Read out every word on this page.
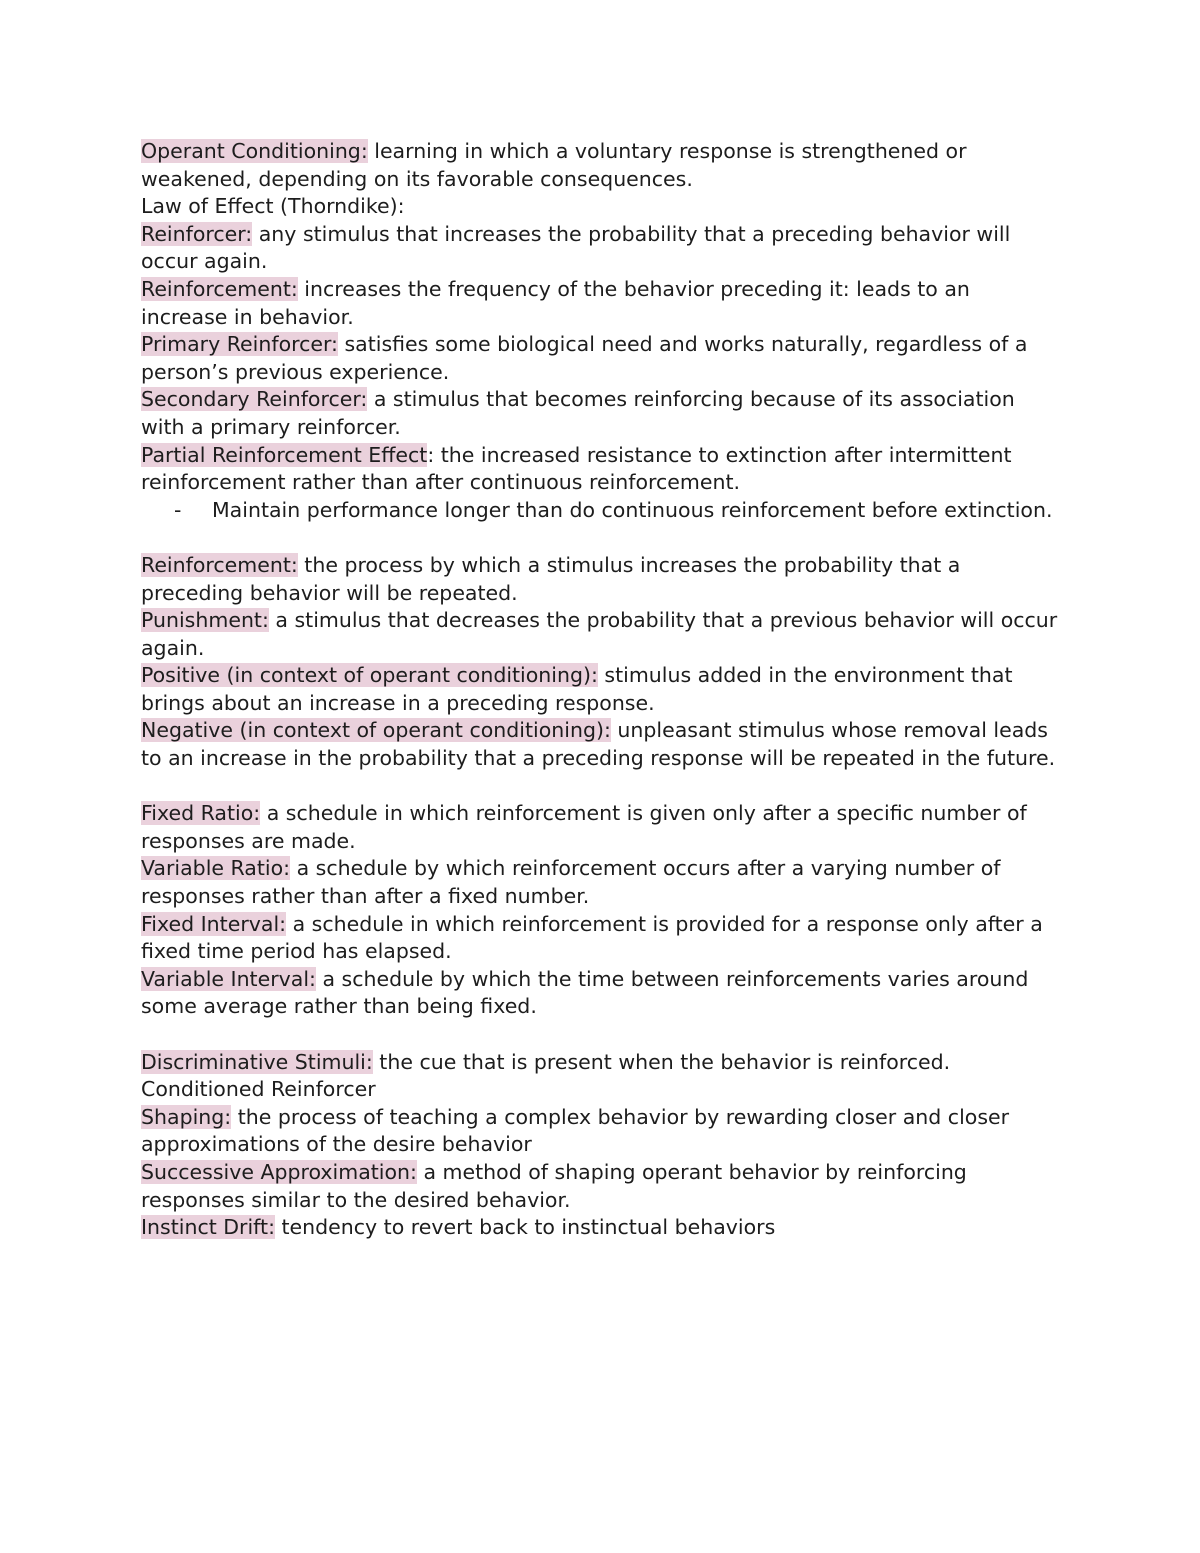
Operant Conditioning: learning in which a voluntary response is strengthened or weakened, depending on its favorable consequences.

Law of Effect (Thorndike):

Reinforcer: any stimulus that increases the probability that a preceding behavior will occur again.

Reinforcement: increases the frequency of the behavior preceding it: leads to an increase in behavior.

Primary Reinforcer: satisfies some biological need and works naturally, regardless of a person’s previous experience.

Secondary Reinforcer: a stimulus that becomes reinforcing because of its association with a primary reinforcer.

Partial Reinforcement Effect: the increased resistance to extinction after intermittent reinforcement rather than after continuous reinforcement.

-	Maintain performance longer than do continuous reinforcement before extinction.

Reinforcement: the process by which a stimulus increases the probability that a preceding behavior will be repeated.

Punishment: a stimulus that decreases the probability that a previous behavior will occur again.

Positive (in context of operant conditioning): stimulus added in the environment that brings about an increase in a preceding response.

Negative (in context of operant conditioning): unpleasant stimulus whose removal leads to an increase in the probability that a preceding response will be repeated in the future.

Fixed Ratio: a schedule in which reinforcement is given only after a specific number of responses are made.

Variable Ratio: a schedule by which reinforcement occurs after a varying number of responses rather than after a fixed number.

Fixed Interval: a schedule in which reinforcement is provided for a response only after a fixed time period has elapsed.

Variable Interval: a schedule by which the time between reinforcements varies around some average rather than being fixed.

Discriminative Stimuli: the cue that is present when the behavior is reinforced.

Conditioned Reinforcer

Shaping: the process of teaching a complex behavior by rewarding closer and closer approximations of the desire behavior

Successive Approximation: a method of shaping operant behavior by reinforcing responses similar to the desired behavior.

Instinct Drift: tendency to revert back to instinctual behaviors
